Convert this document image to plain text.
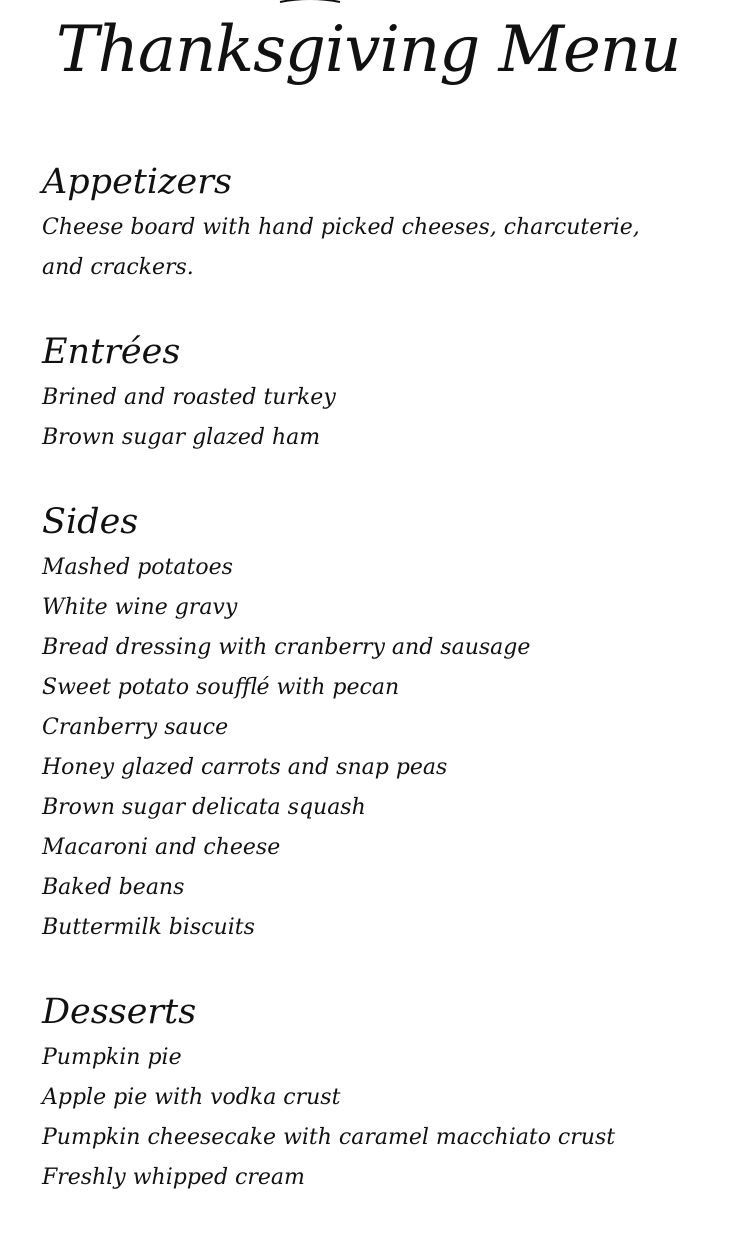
Thanksgiving Menu
Appetizers
Cheese board with hand picked cheeses, charcuterie, and crackers.
Entrées
Brined and roasted turkey
Brown sugar glazed ham
Sides
Mashed potatoes
White wine gravy
Bread dressing with cranberry and sausage
Sweet potato soufflé with pecan
Cranberry sauce
Honey glazed carrots and snap peas
Brown sugar delicata squash
Macaroni and cheese
Baked beans
Buttermilk biscuits
Desserts
Pumpkin pie
Apple pie with vodka crust
Pumpkin cheesecake with caramel macchiato crust
Freshly whipped cream
